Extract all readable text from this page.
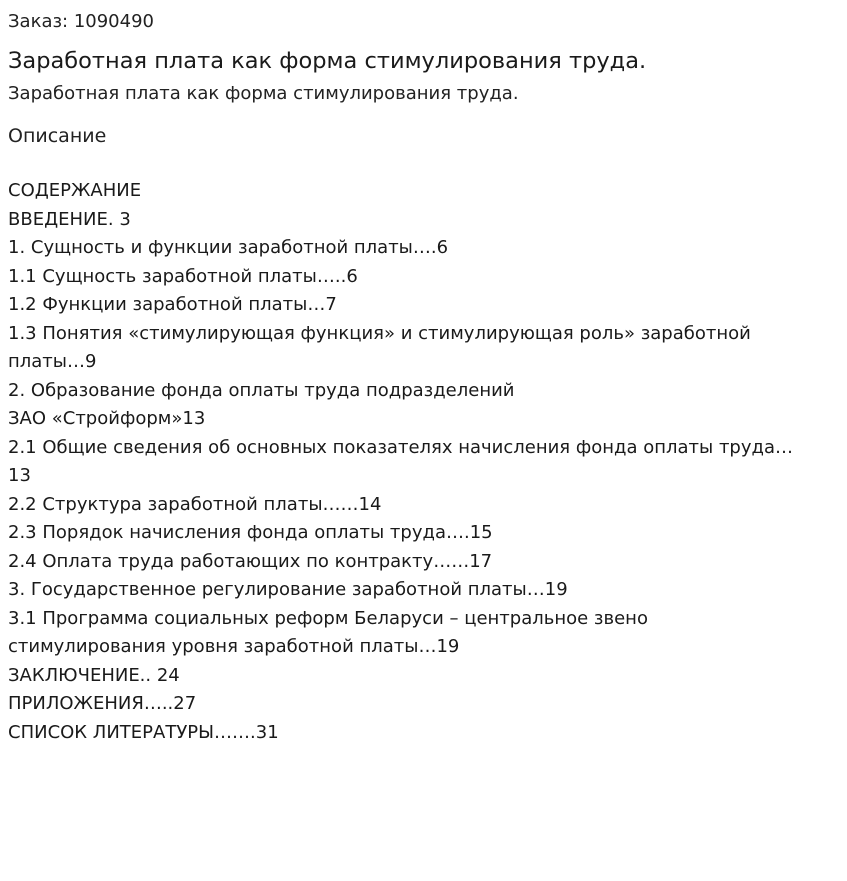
Заказ: 1090490

Заработная плата как форма стимулирования труда.

Заработная плата как форма стимулирования труда.

Описание
СОДЕРЖАНИЕ
ВВЕДЕНИЕ. 3
1. Сущность и функции заработной платы….6
1.1 Сущность заработной платы…..6
1.2 Функции заработной платы…7
1.3 Понятия «стимулирующая функция» и стимулирующая роль» заработной платы…9
2. Образование фонда оплаты труда подразделений
ЗАО «Стройформ»13
2.1 Общие сведения об основных показателях начисления фонда оплаты труда…13
2.2 Структура заработной платы……14
2.3 Порядок начисления фонда оплаты труда….15
2.4 Оплата труда работающих по контракту……17
3. Государственное регулирование заработной платы…19
3.1 Программа социальных реформ Беларуси – центральное звено стимулирования уровня заработной платы…19
ЗАКЛЮЧЕНИЕ.. 24
ПРИЛОЖЕНИЯ…..27
СПИСОК ЛИТЕРАТУРЫ…….31
